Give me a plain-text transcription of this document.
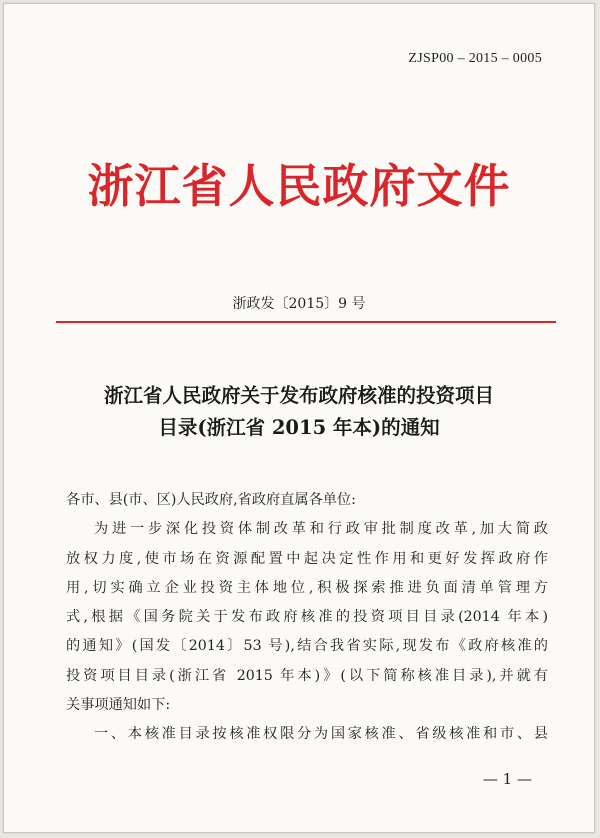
ZJSP00 – 2015 – 0005
浙江省人民政府文件
浙政发〔2015〕9 号
浙江省人民政府关于发布政府核准的投资项目
目录(浙江省 2015 年本)的通知

各市、县(市、区)人民政府,省政府直属各单位:

为进一步深化投资体制改革和行政审批制度改革,加大简政

放权力度,使市场在资源配置中起决定性作用和更好发挥政府作

用,切实确立企业投资主体地位,积极探索推进负面清单管理方

式,根据《国务院关于发布政府核准的投资项目目录(2014 年本)

的通知》(国发〔2014〕53 号),结合我省实际,现发布《政府核准的

投资项目目录(浙江省 2015 年本)》(以下简称核准目录),并就有

关事项通知如下:

一、本核准目录按核准权限分为国家核准、省级核准和市、县

— 1 —
